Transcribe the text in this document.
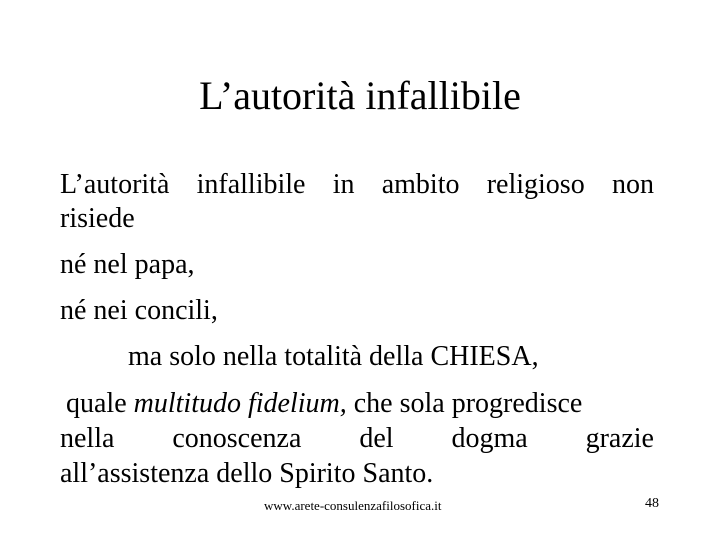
L’autorità infallibile
L’autorità infallibile in ambito religioso non
risiede
né nel papa,
né nei concili,
ma solo nella totalità della CHIESA,
quale multitudo fidelium, che sola progredisce
nella conoscenza del dogma grazie
all’assistenza dello Spirito Santo.
www.arete-consulenzafilosofica.it	48
